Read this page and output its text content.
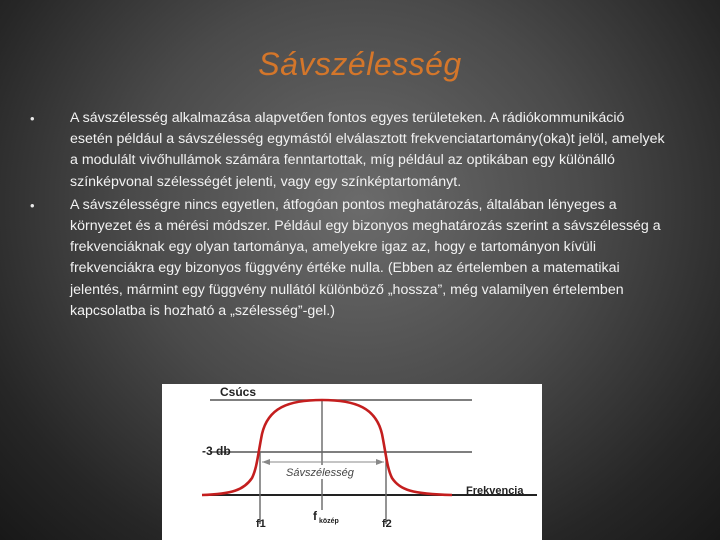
Sávszélesség
•	A sávszélesség alkalmazása alapvetően fontos egyes területeken. A rádiókommunikáció esetén például a sávszélesség egymástól elválasztott frekvenciatartomány(oka)t jelöl, amelyek a modulált vivőhullámok számára fenntartottak, míg például az optikában egy különálló színképvonal szélességét jelenti, vagy egy színképtartományt.
•	A sávszélességre nincs egyetlen, átfogóan pontos meghatározás, általában lényeges a környezet és a mérési módszer. Például egy bizonyos meghatározás szerint a sávszélesség a frekvenciáknak egy olyan tartománya, amelyekre igaz az, hogy e tartományon kívüli frekvenciákra egy bizonyos függvény értéke nulla. (Ebben az értelemben a matematikai jelentés, mármint egy függvény nullától különböző „hossza”, még valamilyen értelemben kapcsolatba is hozható a „szélesség”-gel.)
Csúcs
-3 db
Sávszélesség
Frekvencia
f1
f közép	f2
